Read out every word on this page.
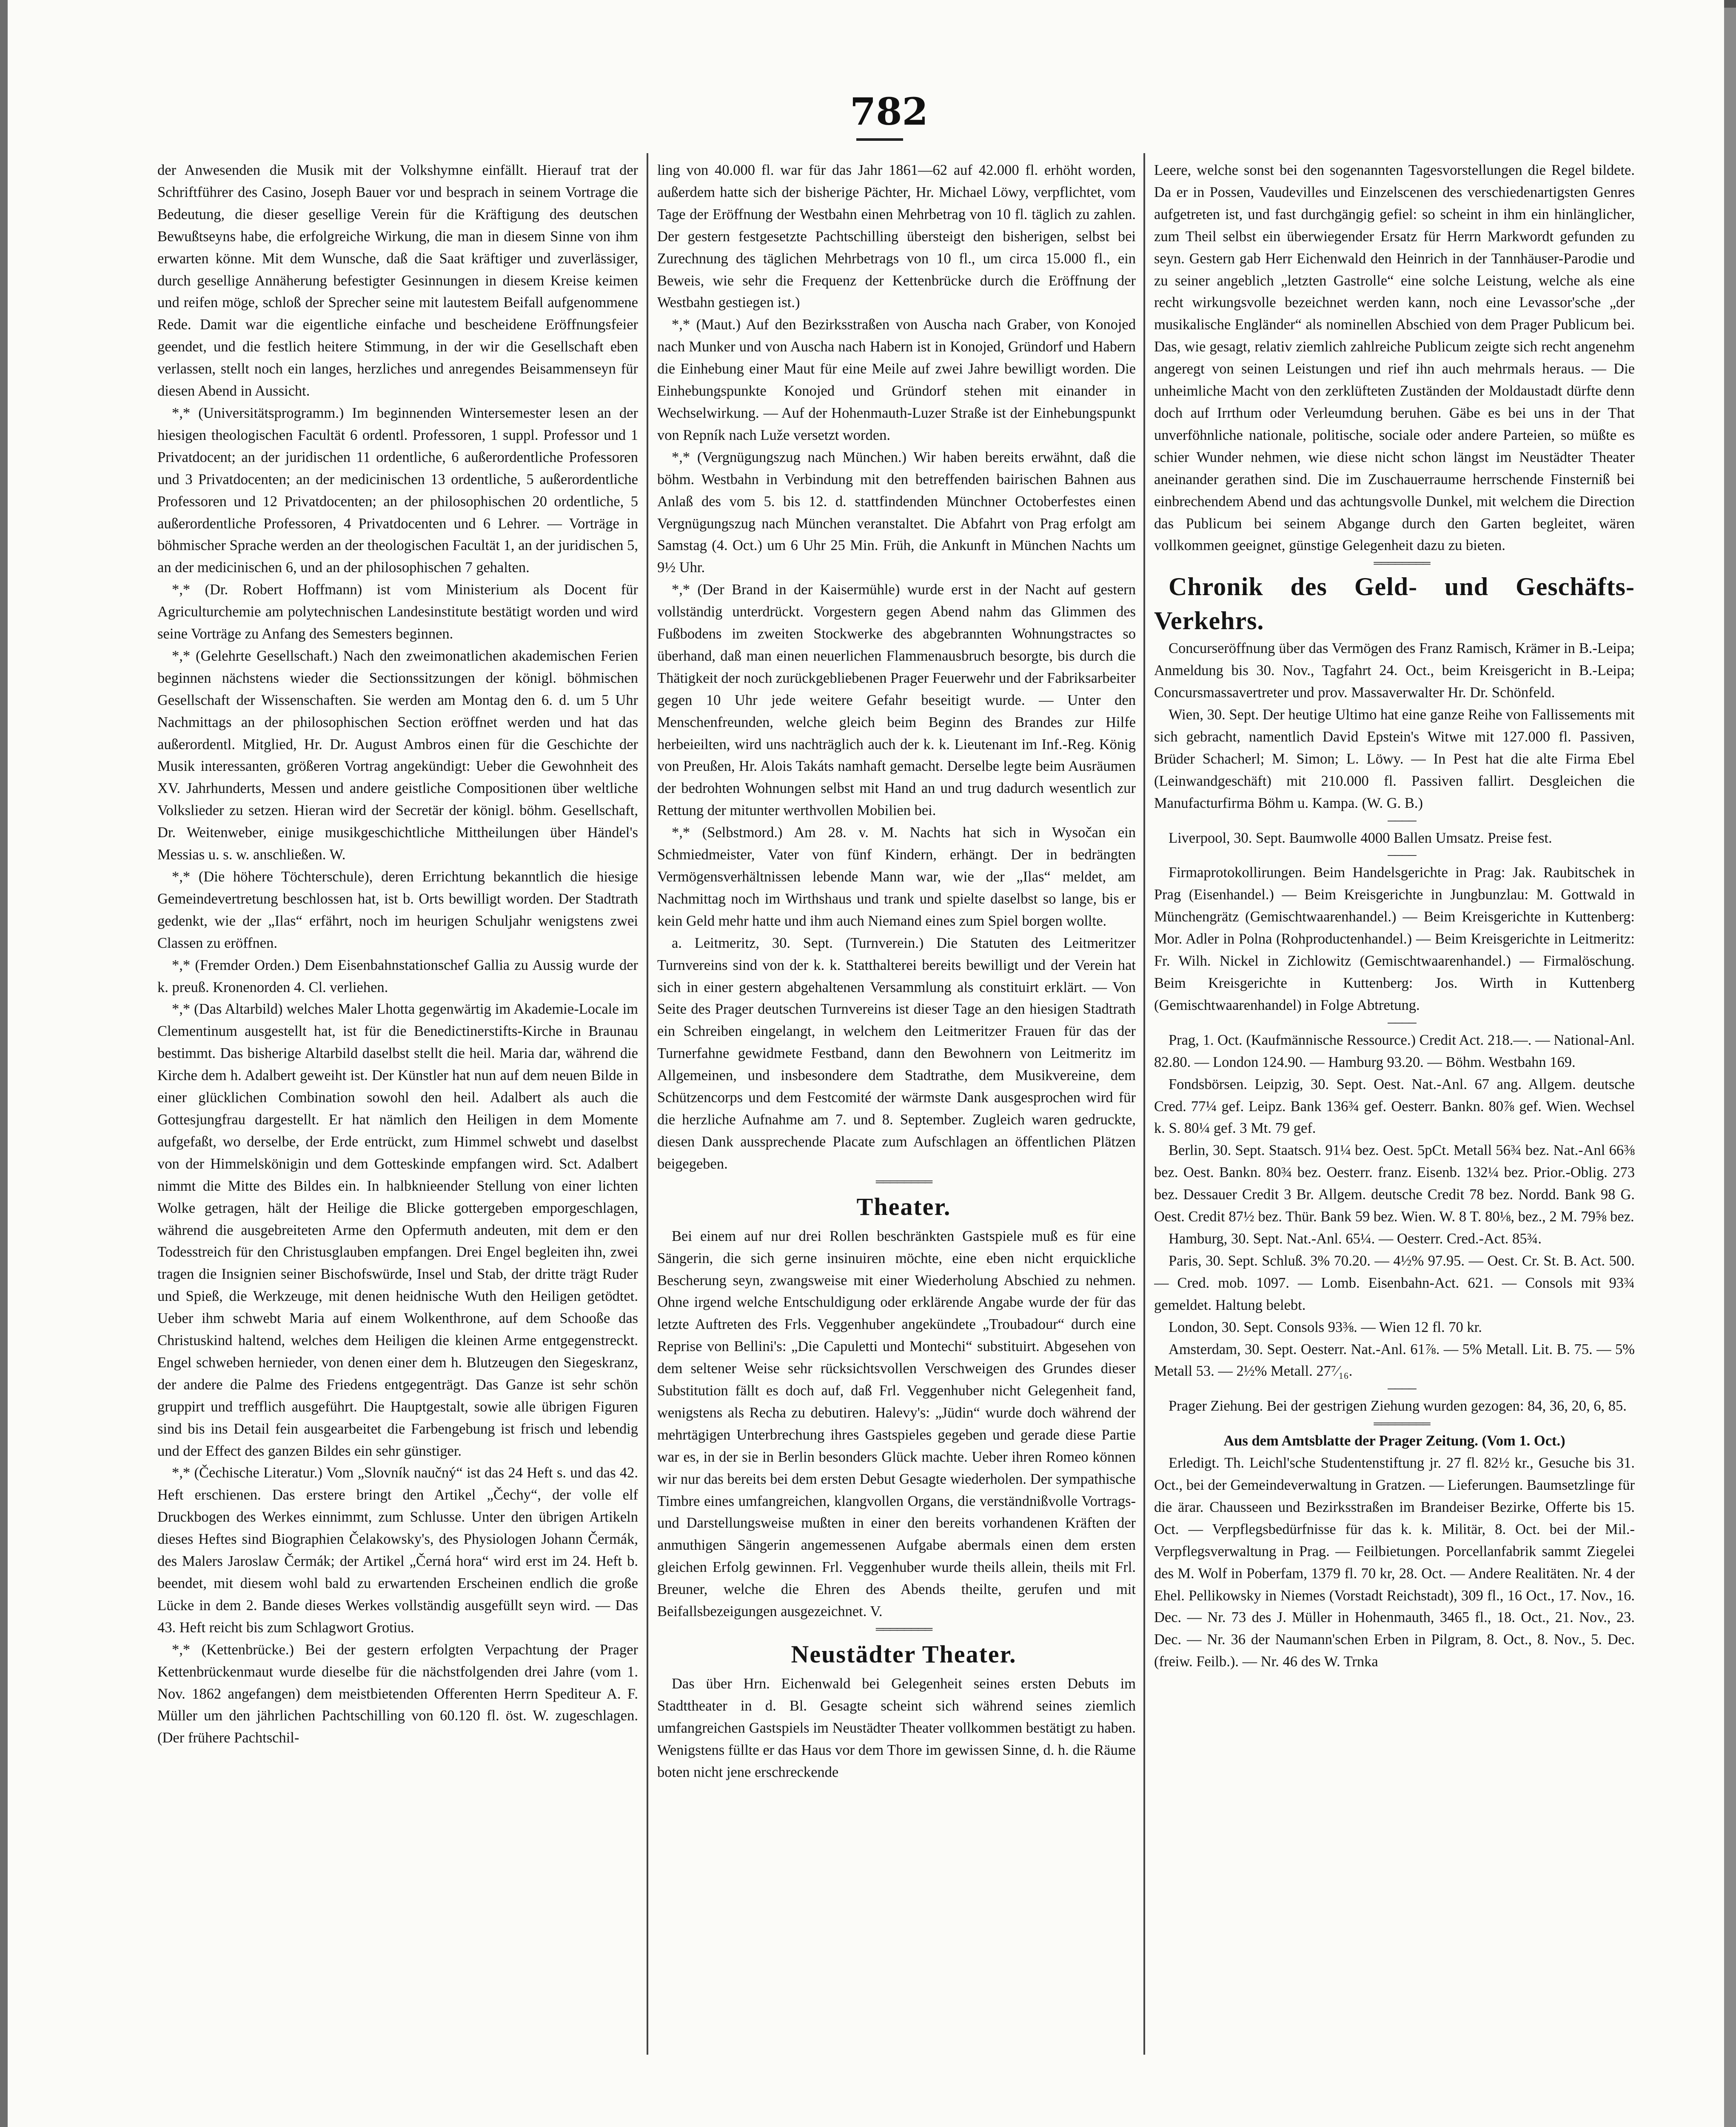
782

der Anwesenden die Musik mit der Volkshymne einfällt. Hierauf trat der Schriftführer des Casino, Joseph Bauer vor und besprach in seinem Vortrage die Bedeutung, die dieser gesellige Verein für die Kräftigung des deutschen Bewußtseyns habe, die erfolgreiche Wirkung, die man in diesem Sinne von ihm erwarten könne. Mit dem Wunsche, daß die Saat kräftiger und zuverlässiger, durch gesellige Annäherung befestigter Gesinnungen in diesem Kreise keimen und reifen möge, schloß der Sprecher seine mit lautestem Beifall aufgenommene Rede. Damit war die eigentliche einfache und bescheidene Eröffnungsfeier geendet, und die festlich heitere Stimmung, in der wir die Gesellschaft eben verlassen, stellt noch ein langes, herzliches und anregendes Beisammenseyn für diesen Abend in Aussicht.

*,* (Universitätsprogramm.) Im beginnenden Wintersemester lesen an der hiesigen theologischen Facultät 6 ordentl. Professoren, 1 suppl. Professor und 1 Privatdocent; an der juridischen 11 ordentliche, 6 außerordentliche Professoren und 3 Privatdocenten; an der medicinischen 13 ordentliche, 5 außerordentliche Professoren und 12 Privatdocenten; an der philosophischen 20 ordentliche, 5 außerordentliche Professoren, 4 Privatdocenten und 6 Lehrer. — Vorträge in böhmischer Sprache werden an der theologischen Facultät 1, an der juridischen 5, an der medicinischen 6, und an der philosophischen 7 gehalten.

*,* (Dr. Robert Hoffmann) ist vom Ministerium als Docent für Agriculturchemie am polytechnischen Landesinstitute bestätigt worden und wird seine Vorträge zu Anfang des Semesters beginnen.

*,* (Gelehrte Gesellschaft.) Nach den zweimonatlichen akademischen Ferien beginnen nächstens wieder die Sectionssitzungen der königl. böhmischen Gesellschaft der Wissenschaften. Sie werden am Montag den 6. d. um 5 Uhr Nachmittags an der philosophischen Section eröffnet werden und hat das außerordentl. Mitglied, Hr. Dr. August Ambros einen für die Geschichte der Musik interessanten, größeren Vortrag angekündigt: Ueber die Gewohnheit des XV. Jahrhunderts, Messen und andere geistliche Compositionen über weltliche Volkslieder zu setzen. Hieran wird der Secretär der königl. böhm. Gesellschaft, Dr. Weitenweber, einige musikgeschichtliche Mittheilungen über Händel's Messias u. s. w. anschließen. W.

*,* (Die höhere Töchterschule), deren Errichtung bekanntlich die hiesige Gemeindevertretung beschlossen hat, ist b. Orts bewilligt worden. Der Stadtrath gedenkt, wie der „Ilas“ erfährt, noch im heurigen Schuljahr wenigstens zwei Classen zu eröffnen.

*,* (Fremder Orden.) Dem Eisenbahnstationschef Gallia zu Aussig wurde der k. preuß. Kronenorden 4. Cl. verliehen.

*,* (Das Altarbild) welches Maler Lhotta gegenwärtig im Akademie-Locale im Clementinum ausgestellt hat, ist für die Benedictinerstifts-Kirche in Braunau bestimmt. Das bisherige Altarbild daselbst stellt die heil. Maria dar, während die Kirche dem h. Adalbert geweiht ist. Der Künstler hat nun auf dem neuen Bilde in einer glücklichen Combination sowohl den heil. Adalbert als auch die Gottesjungfrau dargestellt. Er hat nämlich den Heiligen in dem Momente aufgefaßt, wo derselbe, der Erde entrückt, zum Himmel schwebt und daselbst von der Himmelskönigin und dem Gotteskinde empfangen wird. Sct. Adalbert nimmt die Mitte des Bildes ein. In halbknieender Stellung von einer lichten Wolke getragen, hält der Heilige die Blicke gottergeben emporgeschlagen, während die ausgebreiteten Arme den Opfermuth andeuten, mit dem er den Todesstreich für den Christusglauben empfangen. Drei Engel begleiten ihn, zwei tragen die Insignien seiner Bischofswürde, Insel und Stab, der dritte trägt Ruder und Spieß, die Werkzeuge, mit denen heidnische Wuth den Heiligen getödtet. Ueber ihm schwebt Maria auf einem Wolkenthrone, auf dem Schooße das Christuskind haltend, welches dem Heiligen die kleinen Arme entgegenstreckt. Engel schweben hernieder, von denen einer dem h. Blutzeugen den Siegeskranz, der andere die Palme des Friedens entgegenträgt. Das Ganze ist sehr schön gruppirt und trefflich ausgeführt. Die Hauptgestalt, sowie alle übrigen Figuren sind bis ins Detail fein ausgearbeitet die Farbengebung ist frisch und lebendig und der Effect des ganzen Bildes ein sehr günstiger.

*,* (Čechische Literatur.) Vom „Slovník naučný“ ist das 24 Heft s. und das 42. Heft erschienen. Das erstere bringt den Artikel „Čechy“, der volle elf Druckbogen des Werkes einnimmt, zum Schlusse. Unter den übrigen Artikeln dieses Heftes sind Biographien Čelakowsky's, des Physiologen Johann Čermák, des Malers Jaroslaw Čermák; der Artikel „Černá hora“ wird erst im 24. Heft b. beendet, mit diesem wohl bald zu erwartenden Erscheinen endlich die große Lücke in dem 2. Bande dieses Werkes vollständig ausgefüllt seyn wird. — Das 43. Heft reicht bis zum Schlagwort Grotius.

*,* (Kettenbrücke.) Bei der gestern erfolgten Verpachtung der Prager Kettenbrückenmaut wurde dieselbe für die nächstfolgenden drei Jahre (vom 1. Nov. 1862 angefangen) dem meistbietenden Offerenten Herrn Spediteur A. F. Müller um den jährlichen Pachtschilling von 60.120 fl. öst. W. zugeschlagen. (Der frühere Pachtschil-

ling von 40.000 fl. war für das Jahr 1861—62 auf 42.000 fl. erhöht worden, außerdem hatte sich der bisherige Pächter, Hr. Michael Löwy, verpflichtet, vom Tage der Eröffnung der Westbahn einen Mehrbetrag von 10 fl. täglich zu zahlen. Der gestern festgesetzte Pachtschilling übersteigt den bisherigen, selbst bei Zurechnung des täglichen Mehrbetrags von 10 fl., um circa 15.000 fl., ein Beweis, wie sehr die Frequenz der Kettenbrücke durch die Eröffnung der Westbahn gestiegen ist.)

*,* (Maut.) Auf den Bezirksstraßen von Auscha nach Graber, von Konojed nach Munker und von Auscha nach Habern ist in Konojed, Gründorf und Habern die Einhebung einer Maut für eine Meile auf zwei Jahre bewilligt worden. Die Einhebungspunkte Konojed und Gründorf stehen mit einander in Wechselwirkung. — Auf der Hohenmauth-Luzer Straße ist der Einhebungspunkt von Repník nach Luže versetzt worden.

*,* (Vergnügungszug nach München.) Wir haben bereits erwähnt, daß die böhm. Westbahn in Verbindung mit den betreffenden bairischen Bahnen aus Anlaß des vom 5. bis 12. d. stattfindenden Münchner Octoberfestes einen Vergnügungszug nach München veranstaltet. Die Abfahrt von Prag erfolgt am Samstag (4. Oct.) um 6 Uhr 25 Min. Früh, die Ankunft in München Nachts um 9½ Uhr.

*,* (Der Brand in der Kaisermühle) wurde erst in der Nacht auf gestern vollständig unterdrückt. Vorgestern gegen Abend nahm das Glimmen des Fußbodens im zweiten Stockwerke des abgebrannten Wohnungstractes so überhand, daß man einen neuerlichen Flammenausbruch besorgte, bis durch die Thätigkeit der noch zurückgebliebenen Prager Feuerwehr und der Fabriksarbeiter gegen 10 Uhr jede weitere Gefahr beseitigt wurde. — Unter den Menschenfreunden, welche gleich beim Beginn des Brandes zur Hilfe herbeieilten, wird uns nachträglich auch der k. k. Lieutenant im Inf.-Reg. König von Preußen, Hr. Alois Takáts namhaft gemacht. Derselbe legte beim Ausräumen der bedrohten Wohnungen selbst mit Hand an und trug dadurch wesentlich zur Rettung der mitunter werthvollen Mobilien bei.

*,* (Selbstmord.) Am 28. v. M. Nachts hat sich in Wysočan ein Schmiedmeister, Vater von fünf Kindern, erhängt. Der in bedrängten Vermögensverhältnissen lebende Mann war, wie der „Ilas“ meldet, am Nachmittag noch im Wirthshaus und trank und spielte daselbst so lange, bis er kein Geld mehr hatte und ihm auch Niemand eines zum Spiel borgen wollte.

a. Leitmeritz, 30. Sept. (Turnverein.) Die Statuten des Leitmeritzer Turnvereins sind von der k. k. Statthalterei bereits bewilligt und der Verein hat sich in einer gestern abgehaltenen Versammlung als constituirt erklärt. — Von Seite des Prager deutschen Turnvereins ist dieser Tage an den hiesigen Stadtrath ein Schreiben eingelangt, in welchem den Leitmeritzer Frauen für das der Turnerfahne gewidmete Festband, dann den Bewohnern von Leitmeritz im Allgemeinen, und insbesondere dem Stadtrathe, dem Musikvereine, dem Schützencorps und dem Festcomité der wärmste Dank ausgesprochen wird für die herzliche Aufnahme am 7. und 8. September. Zugleich waren gedruckte, diesen Dank aussprechende Placate zum Aufschlagen an öffentlichen Plätzen beigegeben.

════════

Theater.

Bei einem auf nur drei Rollen beschränkten Gastspiele muß es für eine Sängerin, die sich gerne insinuiren möchte, eine eben nicht erquickliche Bescherung seyn, zwangsweise mit einer Wiederholung Abschied zu nehmen. Ohne irgend welche Entschuldigung oder erklärende Angabe wurde der für das letzte Auftreten des Frls. Veggenhuber angekündete „Troubadour“ durch eine Reprise von Bellini's: „Die Capuletti und Montechi“ substituirt. Abgesehen von dem seltener Weise sehr rücksichtsvollen Verschweigen des Grundes dieser Substitution fällt es doch auf, daß Frl. Veggenhuber nicht Gelegenheit fand, wenigstens als Recha zu debutiren. Halevy's: „Jüdin“ wurde doch während der mehrtägigen Unterbrechung ihres Gastspieles gegeben und gerade diese Partie war es, in der sie in Berlin besonders Glück machte. Ueber ihren Romeo können wir nur das bereits bei dem ersten Debut Gesagte wiederholen. Der sympathische Timbre eines umfangreichen, klangvollen Organs, die verständnißvolle Vortrags- und Darstellungsweise mußten in einer den bereits vorhandenen Kräften der anmuthigen Sängerin angemessenen Aufgabe abermals einen dem ersten gleichen Erfolg gewinnen. Frl. Veggenhuber wurde theils allein, theils mit Frl. Breuner, welche die Ehren des Abends theilte, gerufen und mit Beifallsbezeigungen ausgezeichnet. V.

════════

Neustädter Theater.

Das über Hrn. Eichenwald bei Gelegenheit seines ersten Debuts im Stadttheater in d. Bl. Gesagte scheint sich während seines ziemlich umfangreichen Gastspiels im Neustädter Theater vollkommen bestätigt zu haben. Wenigstens füllte er das Haus vor dem Thore im gewissen Sinne, d. h. die Räume boten nicht jene erschreckende

Leere, welche sonst bei den sogenannten Tagesvorstellungen die Regel bildete. Da er in Possen, Vaudevilles und Einzelscenen des verschiedenartigsten Genres aufgetreten ist, und fast durchgängig gefiel: so scheint in ihm ein hinlänglicher, zum Theil selbst ein überwiegender Ersatz für Herrn Markwordt gefunden zu seyn. Gestern gab Herr Eichenwald den Heinrich in der Tannhäuser-Parodie und zu seiner angeblich „letzten Gastrolle“ eine solche Leistung, welche als eine recht wirkungsvolle bezeichnet werden kann, noch eine Levassor'sche „der musikalische Engländer“ als nominellen Abschied von dem Prager Publicum bei. Das, wie gesagt, relativ ziemlich zahlreiche Publicum zeigte sich recht angenehm angeregt von seinen Leistungen und rief ihn auch mehrmals heraus. — Die unheimliche Macht von den zerklüfteten Zuständen der Moldaustadt dürfte denn doch auf Irrthum oder Verleumdung beruhen. Gäbe es bei uns in der That unverföhnliche nationale, politische, sociale oder andere Parteien, so müßte es schier Wunder nehmen, wie diese nicht schon längst im Neustädter Theater aneinander gerathen sind. Die im Zuschauerraume herrschende Finsterniß bei einbrechendem Abend und das achtungsvolle Dunkel, mit welchem die Direction das Publicum bei seinem Abgange durch den Garten begleitet, wären vollkommen geeignet, günstige Gelegenheit dazu zu bieten.

════════

Chronik des Geld- und Geschäfts-Verkehrs.

Concurseröffnung über das Vermögen des Franz Ramisch, Krämer in B.-Leipa; Anmeldung bis 30. Nov., Tagfahrt 24. Oct., beim Kreisgericht in B.-Leipa; Concursmassavertreter und prov. Massaverwalter Hr. Dr. Schönfeld.

Wien, 30. Sept. Der heutige Ultimo hat eine ganze Reihe von Fallissements mit sich gebracht, namentlich David Epstein's Witwe mit 127.000 fl. Passiven, Brüder Schacherl; M. Simon; L. Löwy. — In Pest hat die alte Firma Ebel (Leinwandgeschäft) mit 210.000 fl. Passiven fallirt. Desgleichen die Manufacturfirma Böhm u. Kampa. (W. G. B.)

────

Liverpool, 30. Sept. Baumwolle 4000 Ballen Umsatz. Preise fest.

────

Firmaprotokollirungen. Beim Handelsgerichte in Prag: Jak. Raubitschek in Prag (Eisenhandel.) — Beim Kreisgerichte in Jungbunzlau: M. Gottwald in Münchengrätz (Gemischtwaarenhandel.) — Beim Kreisgerichte in Kuttenberg: Mor. Adler in Polna (Rohproductenhandel.) — Beim Kreisgerichte in Leitmeritz: Fr. Wilh. Nickel in Zichlowitz (Gemischtwaarenhandel.) — Firmalöschung. Beim Kreisgerichte in Kuttenberg: Jos. Wirth in Kuttenberg (Gemischtwaarenhandel) in Folge Abtretung.

────

Prag, 1. Oct. (Kaufmännische Ressource.) Credit Act. 218.—. — National-Anl. 82.80. — London 124.90. — Hamburg 93.20. — Böhm. Westbahn 169.

Fondsbörsen. Leipzig, 30. Sept. Oest. Nat.-Anl. 67 ang. Allgem. deutsche Cred. 77¼ gef. Leipz. Bank 136¾ gef. Oesterr. Bankn. 80⅞ gef. Wien. Wechsel k. S. 80¼ gef. 3 Mt. 79 gef.

Berlin, 30. Sept. Staatsch. 91¼ bez. Oest. 5pCt. Metall 56¾ bez. Nat.-Anl 66⅜ bez. Oest. Bankn. 80¾ bez. Oesterr. franz. Eisenb. 132¼ bez. Prior.-Oblig. 273 bez. Dessauer Credit 3 Br. Allgem. deutsche Credit 78 bez. Nordd. Bank 98 G. Oest. Credit 87½ bez. Thür. Bank 59 bez. Wien. W. 8 T. 80⅛, bez., 2 M. 79⅝ bez.

Hamburg, 30. Sept. Nat.-Anl. 65¼. — Oesterr. Cred.-Act. 85¾.

Paris, 30. Sept. Schluß. 3% 70.20. — 4½% 97.95. — Oest. Cr. St. B. Act. 500. — Cred. mob. 1097. — Lomb. Eisenbahn-Act. 621. — Consols mit 93¾ gemeldet. Haltung belebt.

London, 30. Sept. Consols 93⅜. — Wien 12 fl. 70 kr.

Amsterdam, 30. Sept. Oesterr. Nat.-Anl. 61⅞. — 5% Metall. Lit. B. 75. — 5% Metall 53. — 2½% Metall. 27⁷⁄₁₆.

────

Prager Ziehung. Bei der gestrigen Ziehung wurden gezogen: 84, 36, 20, 6, 85.

════════

Aus dem Amtsblatte der Prager Zeitung. (Vom 1. Oct.)

Erledigt. Th. Leichl'sche Studentenstiftung jr. 27 fl. 82½ kr., Gesuche bis 31. Oct., bei der Gemeindeverwaltung in Gratzen. — Lieferungen. Baumsetzlinge für die ärar. Chausseen und Bezirksstraßen im Brandeiser Bezirke, Offerte bis 15. Oct. — Verpflegsbedürfnisse für das k. k. Militär, 8. Oct. bei der Mil.-Verpflegsverwaltung in Prag. — Feilbietungen. Porcellanfabrik sammt Ziegelei des M. Wolf in Poberfam, 1379 fl. 70 kr, 28. Oct. — Andere Realitäten. Nr. 4 der Ehel. Pellikowsky in Niemes (Vorstadt Reichstadt), 309 fl., 16 Oct., 17. Nov., 16. Dec. — Nr. 73 des J. Müller in Hohenmauth, 3465 fl., 18. Oct., 21. Nov., 23. Dec. — Nr. 36 der Naumann'schen Erben in Pilgram, 8. Oct., 8. Nov., 5. Dec. (freiw. Feilb.). — Nr. 46 des W. Trnka
